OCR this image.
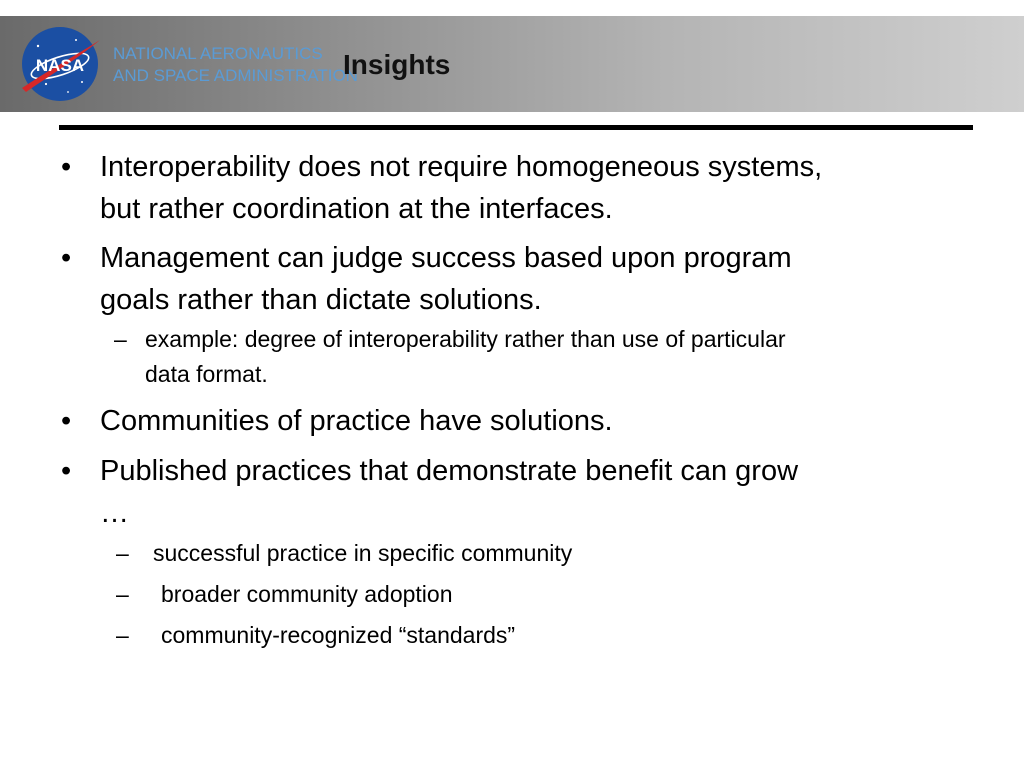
NASA
NATIONAL AERONAUTICS
AND SPACE ADMINISTRATION
Insights
• Interoperability does not require homogeneous systems,
but rather coordination at the interfaces.
• Management can judge success based upon program
goals rather than dictate solutions.
– example: degree of interoperability rather than use of particular
data format.
• Communities of practice have solutions.
• Published practices that demonstrate benefit can grow
…
– successful practice in specific community
– broader community adoption
– community-recognized “standards”
